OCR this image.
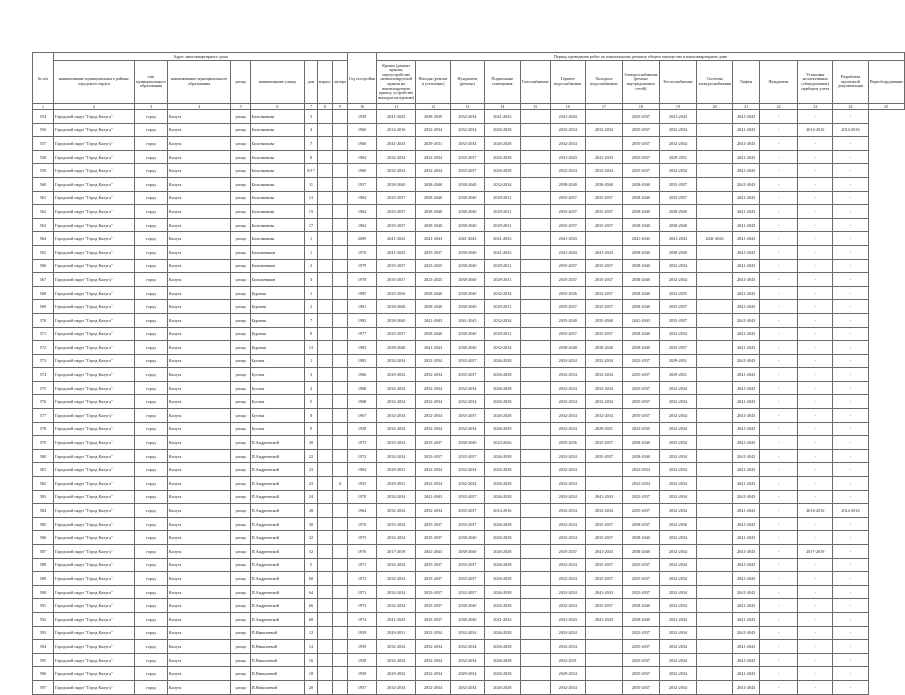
№ п/п	Адрес многоквартирного дома								Год постройки	Период проведения работ по капитальному ремонту общего имущества в многоквартирном доме														
	наименование муниципального района/городского округа	тип муниципального образования	наименование муниципального образования	улица	наименование улицы	дом	корпус	литера		Крыша (ремонт крыши, переустройство невентилируемой крыши на вентилируемую крышу, устройство выходов на кровлю)	Фасады (ремонт и утепление)	Фундамент (ремонт)	Подвальные помещения	Газоснабжение	Горячее водоснабжение	Холодное водоснабжение	Электроснабжение (ремонт внутридомовых сетей)	Теплоснабжение	Системы электроснабжения	Лифты	Фундамент	Установка коллективных (общедомовых) приборов учета	Разработка проектной документации	Переоборудование
1	2	3	4	5	6	7	8	9	10	11	12	13	14	15	16	17	18	19	20	21	22	23	24	25
554	Городской округ "Город Калуга"	город	Калуга	улица	Болотникова	3			1959	2041-2043	2038-2039	2032-2034	2041-2043		2041-2043		2035-2037	2041-2043		2041-2043	-	-	-	
556	Городской округ "Город Калуга"	город	Калуга	улица	Болотникова	4			1960	2014-2016	2032-2034	2032-2034	2026-2028		2032-2034	2032-2034	2035-2037	2032-2034		2041-2043	-	2014-2016	2014-2016	
557	Городской округ "Город Калуга"	город	Калуга	улица	Болотникова	7			1960	2041-2043	2029-2031	2032-2034	2026-2028		2032-2034		2035-2037	2032-2034		2041-2043	-	-	-	
558	Городской округ "Город Калуга"	город	Калуга	улица	Болотникова	8			1962	2032-2034	2032-2034	2035-2037	2026-2028		2041-2043	2041-2043	2035-2037	2029-2031		2041-2043	-	-	-	
559	Городской округ "Город Калуга"	город	Калуга	улица	Болотникова	9/17			1960	2032-2034	2032-2034	2035-2037	2026-2028		2032-2034	2032-2034	2035-2037	2032-2034		2041-2043	-	-	-	
560	Городской округ "Город Калуга"	город	Калуга	улица	Болотникова	11			1957	2038-2040	2038-2040	2038-2040	2032-2034		2038-2040	2038-2040	2038-2040	2035-2037		2041-2043	-	-	-	
561	Городской округ "Город Калуга"	город	Калуга	улица	Болотникова	13			1962	2035-2037	2038-2040	2038-2040	2029-2031		2035-2037	2035-2037	2038-2040	2035-2037		2041-2043	-	-	-	
562	Городской округ "Город Калуга"	город	Калуга	улица	Болотникова	15			1962	2035-2037	2038-2040	2038-2040	2029-2031		2035-2037	2035-2037	2038-2040	2038-2040		2041-2043	-	-	-	
563	Городской округ "Город Калуга"	город	Калуга	улица	Болотникова	17			1962	2035-2037	2038-2040	2038-2040	2029-2031		2035-2037	2035-2037	2038-2040	2038-2040		2041-2043	-	-	-	
564	Городской округ "Город Калуга"	город	Калуга	улица	Болотникова	1			2009	2041-2043	2041-2043	2041-2043	2041-2043		2041-2043		2041-2043	2041-2043	2041-2043	2041-2043	-	-	-	
565	Городской округ "Город Калуга"	город	Калуга	улица	Большевиков	1			1976	2041-2043	2035-2037	2038-2040	2041-2043		2041-2043	2041-2043	2038-2040	2038-2040		2041-2043	-	-	-	
566	Городской округ "Город Калуга"	город	Калуга	улица	Большевиков	2			1979	2035-2037	2023-2025	2038-2040	2029-2031		2035-2037	2035-2037	2038-2040	2032-2034		2041-2043	-	-	-	
567	Городской округ "Город Калуга"	город	Калуга	улица	Большевиков	3			1978	2035-2037	2023-2025	2038-2040	2029-2031		2035-2037	2035-2037	2038-2040	2032-2034		2041-2043	-	-	-	
568	Городской округ "Город Калуга"	город	Калуга	улица	Буровая	1			1985	2035-2036	2038-2040	2038-2040	2032-2034		2035-2036	2032-2037	2038-2040	2032-2035		2041-2043	-	-	-	
569	Городской округ "Город Калуга"	город	Калуга	улица	Буровая	2			1981	2038-2040	2038-2040	2038-2040	2029-2031		2035-2037	2035-2037	2038-2040	2035-2037		2041-2043	-	-	-	
570	Городской округ "Город Калуга"	город	Калуга	улица	Буровая	7			1982	2038-2040	2041-2043	2041-2043	2032-2034		2035-2040	2035-2040	2041-2043	2035-2037		2041-2043	-	-	-	
571	Городской округ "Город Калуга"	город	Калуга	улица	Буровая	9			1977	2035-2037	2038-2040	2038-2040	2029-2031		2035-2037	2035-2037	2038-2040	2032-2034		2041-2043	-	-	-	
572	Городской округ "Город Калуга"	город	Калуга	улица	Буровая	13			1983	2038-2040	2041-2043	2038-2040	2032-2034		2038-2040	2038-2040	2038-2040	2035-2037		2041-2043	-	-	-	
573	Городской округ "Город Калуга"	город	Калуга	улица	Бутома	1			1985	2032-2034	2032-2034	2035-2037	2026-2028		2032-2034	2032-2034	2035-2037	2029-2031		2041-2043	-	-	-	
574	Городской округ "Город Калуга"	город	Калуга	улица	Бутома	3			1966	2029-2032	2032-2034	2035-2037	2026-2028		2032-2034	2032-2034	2035-2037	2029-2031		2041-2043	-	-	-	
575	Городской округ "Город Калуга"	город	Калуга	улица	Бутома	4			1968	2032-2034	2032-2034	2032-2034	2026-2028		2032-2034	2032-2034	2035-2037	2032-2034		2041-2043	-	-	-	
576	Городской округ "Город Калуга"	город	Калуга	улица	Бутома	5			1968	2032-2034	2032-2034	2032-2034	2026-2028		2032-2034	2032-2034	2035-2037	2032-2034		2041-2043	-	-	-	
577	Городской округ "Город Калуга"	город	Калуга	улица	Бутома	8			1967	2032-2034	2032-2034	2035-2037	2026-2028		2032-2034	2032-2034	2035-2037	2032-2034		2041-2043	-	-	-	
578	Городской округ "Город Калуга"	город	Калуга	улица	Бутома	9			1958	2032-2034	2032-2034	2032-2034	2026-2029		2032-2034	2029-2031	2032-2035	2032-2034		2041-2043	-	-	-	
579	Городской округ "Город Калуга"	город	Калуга	улица	П.Андреевской	20			1975	2035-2034	2035-2037	2038-2040	2023-2026		2035-2036	2035-2037	2038-2040	2035-2034		2041-2043	-	-	-	
580	Городской округ "Город Калуга"	город	Калуга	улица	П.Андреевской	22			1972	2032-2034	2035-2037	2035-2037	2026-2028		2032-2034	2035-2037	2038-2040	2032-2034		2041-2043	-	-	-	
581	Городской округ "Город Калуга"	город	Калуга	улица	П.Андреевской	23			1962	2029-2031	2032-2034	2032-2034	2026-2028		2032-2034		2032-2034	2032-2034		2041-2043	-	-	-	
582	Городской округ "Город Калуга"	город	Калуга	улица	П.Андреевской	23		А	1955	2029-2031	2032-2034	2032-2034	2026-2028		2032-2034		2032-2034	2032-2034		2041-2043	-	-	-	
583	Городской округ "Город Калуга"	город	Калуга	улица	П.Андреевской	24			1970	2032-2034	2041-2043	2035-2037	2026-2028		2032-2034	2041-2043	2035-2037	2032-2034		2041-2043	-	-	-	
584	Городской округ "Город Калуга"	город	Калуга	улица	П.Андреевской	28			1964	2032-2034	2032-2034	2035-2037	2014-2016		2032-2034	2032-2034	2035-2037	2032-2034		2041-2043	-	2014-2016	2014-2016	
585	Городской округ "Город Калуга"	город	Калуга	улица	П.Андреевской	30			1976	2035-2034	2035-2037	2035-2037	2026-2028		2032-2034	2035-2037	2038-2037	2032-2036		2041-2043	-	-	-	
586	Городской округ "Город Калуга"	город	Калуга	улица	П.Андреевской	32			1975	2032-2034	2035-2037	2038-2040	2026-2028		2032-2034	2035-2037	2038-2040	2032-2034		2041-2043	-	-	-	
587	Городской округ "Город Калуга"	город	Калуга	улица	П.Андреевской	52			1976	2017-2019	2041-2043	2038-2040	2026-2028		2035-2037	2041-2043	2038-2040	2032-2034		2041-2043	-	2017-2019	-	
588	Городской округ "Город Калуга"	город	Калуга	улица	П.Андреевской	5			1971	2032-2034	2035-2037	2035-2037	2026-2028		2032-2034	2035-2037	2035-2037	2032-2034		2041-2043	-	-	-	
589	Городской округ "Город Калуга"	город	Калуга	улица	П.Андреевской	60			1972	2032-2034	2035-2037	2035-2037	2026-2028		2032-2034	2035-2037	2035-2037	2032-2034		2041-2043	-	-	-	
590	Городской округ "Город Калуга"	город	Калуга	улица	П.Андреевской	64			1971	2032-2034	2035-2037	2032-2037	2026-2028		2032-2034	2041-2043	2035-2037	2032-2034		2041-2043	-	-	-	
591	Городской округ "Город Калуга"	город	Калуга	улица	П.Андреевской	66			1973	2032-2034	2035-2037	2038-2040	2026-2028		2032-2034	2035-2037	2038-2040	2032-2034		2041-2043	-	-	-	
592	Городской округ "Город Калуга"	город	Калуга	улица	П.Андреевской	68			1974	2041-2043	2035-2037	2038-2040	2041-2043		2041-2043	2041-2043	2038-2040	2041-2043		2041-2043	-	-	-	
593	Городской округ "Город Калуга"	город	Калуга	улица	П.Николаевой	12			1959	2029-2031	2032-2034	2032-2034	2026-2028		2032-2034		2035-2037	2032-2034		2041-2043	-	-	-	
594	Городской округ "Город Калуга"	город	Калуга	улица	П.Николаевой	14			1959	2032-2034	2032-2034	2032-2034	2026-2028		2032-2034		2035-2037	2032-2034		2041-2043	-	-	-	
595	Городской округ "Город Калуга"	город	Калуга	улица	П.Николаевой	16			1958	2032-2034	2032-2034	2032-2034	2026-2028		2032-2031		2035-2037	2032-2034		2041-2043	-	-	-	
596	Городской округ "Город Калуга"	город	Калуга	улица	П.Николаевой	18			1950	2029-2032	2032-2034	2029-2034	2026-2028		2029-2034		2035-2037	2032-2034		2041-2043	-	-	-	
597	Городской округ "Город Калуга"	город	Калуга	улица	П.Николаевой	20			1957	2032-2034	2032-2034	2032-2034	2026-2028		2032-2034		2035-2037	2032-2034		2041-2043	-	-	-	
